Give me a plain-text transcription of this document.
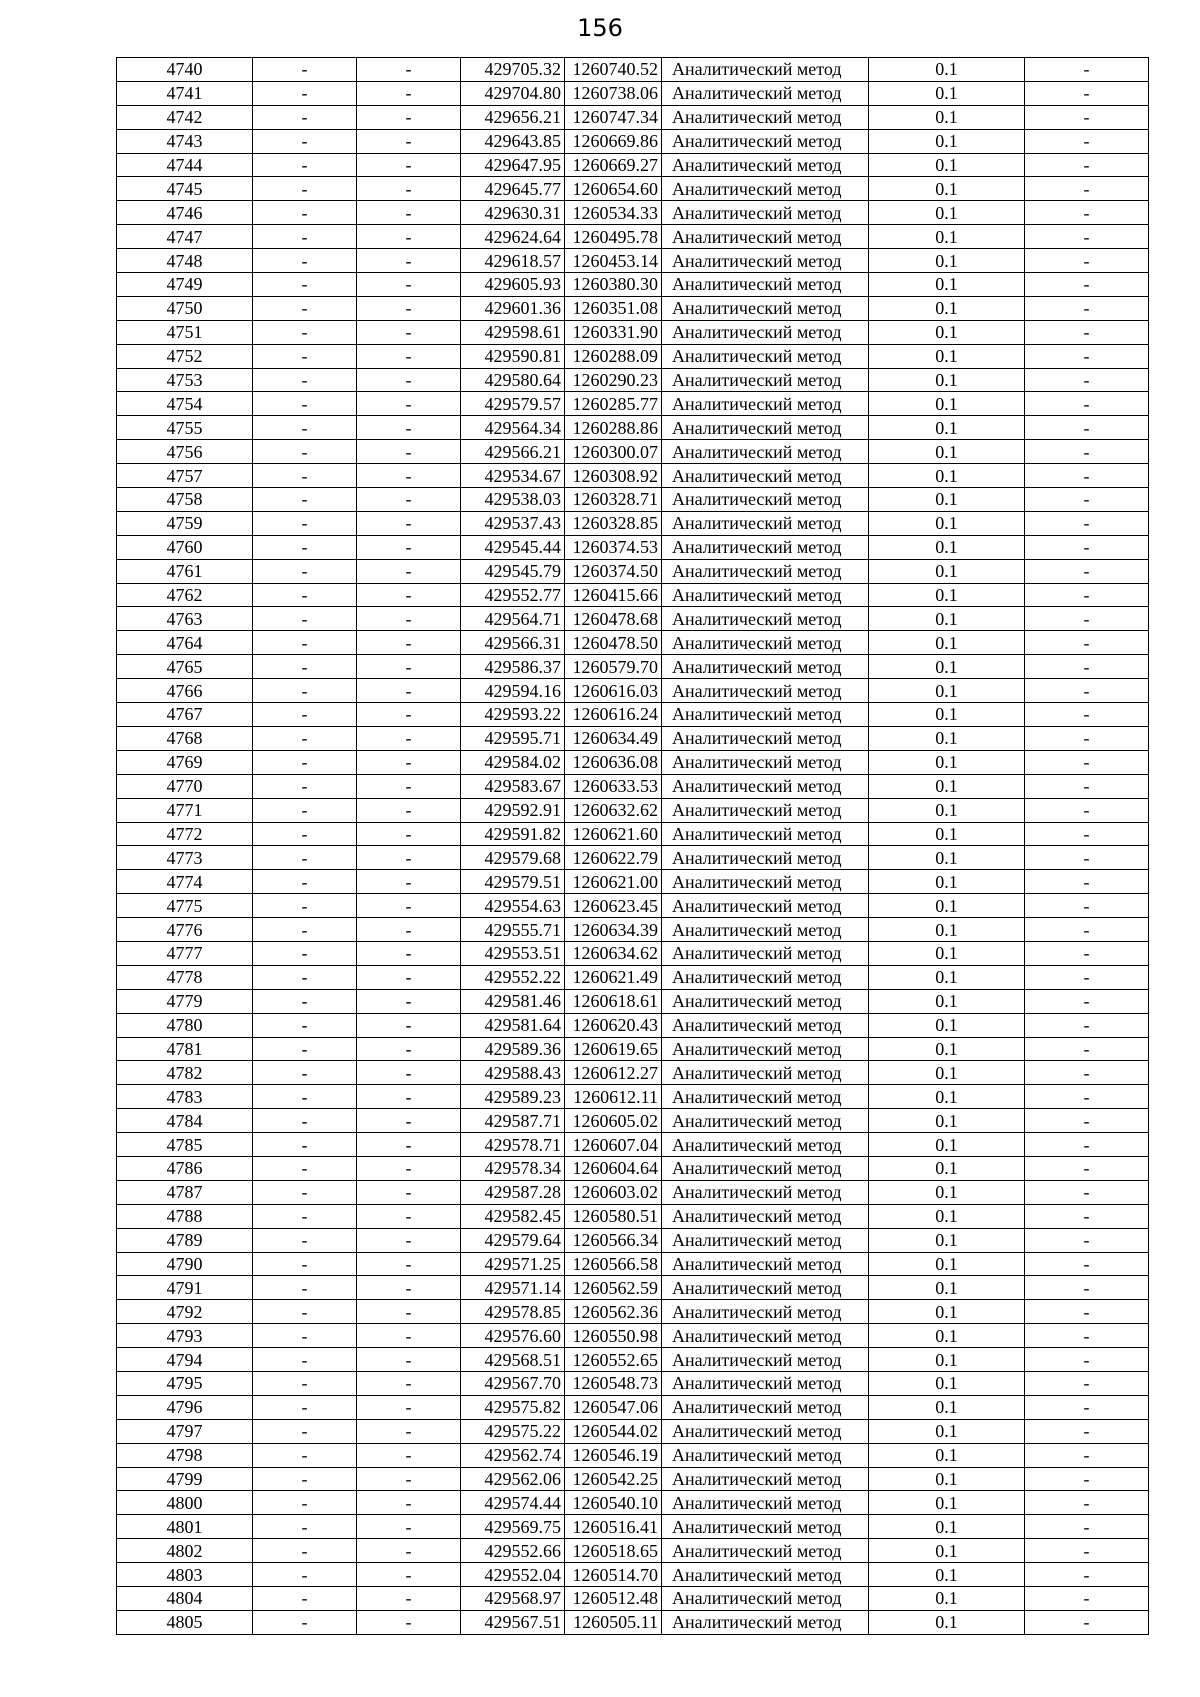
156
4740	-	-	429705.32	1260740.52	Аналитический метод	0.1	-
4741	-	-	429704.80	1260738.06	Аналитический метод	0.1	-
4742	-	-	429656.21	1260747.34	Аналитический метод	0.1	-
4743	-	-	429643.85	1260669.86	Аналитический метод	0.1	-
4744	-	-	429647.95	1260669.27	Аналитический метод	0.1	-
4745	-	-	429645.77	1260654.60	Аналитический метод	0.1	-
4746	-	-	429630.31	1260534.33	Аналитический метод	0.1	-
4747	-	-	429624.64	1260495.78	Аналитический метод	0.1	-
4748	-	-	429618.57	1260453.14	Аналитический метод	0.1	-
4749	-	-	429605.93	1260380.30	Аналитический метод	0.1	-
4750	-	-	429601.36	1260351.08	Аналитический метод	0.1	-
4751	-	-	429598.61	1260331.90	Аналитический метод	0.1	-
4752	-	-	429590.81	1260288.09	Аналитический метод	0.1	-
4753	-	-	429580.64	1260290.23	Аналитический метод	0.1	-
4754	-	-	429579.57	1260285.77	Аналитический метод	0.1	-
4755	-	-	429564.34	1260288.86	Аналитический метод	0.1	-
4756	-	-	429566.21	1260300.07	Аналитический метод	0.1	-
4757	-	-	429534.67	1260308.92	Аналитический метод	0.1	-
4758	-	-	429538.03	1260328.71	Аналитический метод	0.1	-
4759	-	-	429537.43	1260328.85	Аналитический метод	0.1	-
4760	-	-	429545.44	1260374.53	Аналитический метод	0.1	-
4761	-	-	429545.79	1260374.50	Аналитический метод	0.1	-
4762	-	-	429552.77	1260415.66	Аналитический метод	0.1	-
4763	-	-	429564.71	1260478.68	Аналитический метод	0.1	-
4764	-	-	429566.31	1260478.50	Аналитический метод	0.1	-
4765	-	-	429586.37	1260579.70	Аналитический метод	0.1	-
4766	-	-	429594.16	1260616.03	Аналитический метод	0.1	-
4767	-	-	429593.22	1260616.24	Аналитический метод	0.1	-
4768	-	-	429595.71	1260634.49	Аналитический метод	0.1	-
4769	-	-	429584.02	1260636.08	Аналитический метод	0.1	-
4770	-	-	429583.67	1260633.53	Аналитический метод	0.1	-
4771	-	-	429592.91	1260632.62	Аналитический метод	0.1	-
4772	-	-	429591.82	1260621.60	Аналитический метод	0.1	-
4773	-	-	429579.68	1260622.79	Аналитический метод	0.1	-
4774	-	-	429579.51	1260621.00	Аналитический метод	0.1	-
4775	-	-	429554.63	1260623.45	Аналитический метод	0.1	-
4776	-	-	429555.71	1260634.39	Аналитический метод	0.1	-
4777	-	-	429553.51	1260634.62	Аналитический метод	0.1	-
4778	-	-	429552.22	1260621.49	Аналитический метод	0.1	-
4779	-	-	429581.46	1260618.61	Аналитический метод	0.1	-
4780	-	-	429581.64	1260620.43	Аналитический метод	0.1	-
4781	-	-	429589.36	1260619.65	Аналитический метод	0.1	-
4782	-	-	429588.43	1260612.27	Аналитический метод	0.1	-
4783	-	-	429589.23	1260612.11	Аналитический метод	0.1	-
4784	-	-	429587.71	1260605.02	Аналитический метод	0.1	-
4785	-	-	429578.71	1260607.04	Аналитический метод	0.1	-
4786	-	-	429578.34	1260604.64	Аналитический метод	0.1	-
4787	-	-	429587.28	1260603.02	Аналитический метод	0.1	-
4788	-	-	429582.45	1260580.51	Аналитический метод	0.1	-
4789	-	-	429579.64	1260566.34	Аналитический метод	0.1	-
4790	-	-	429571.25	1260566.58	Аналитический метод	0.1	-
4791	-	-	429571.14	1260562.59	Аналитический метод	0.1	-
4792	-	-	429578.85	1260562.36	Аналитический метод	0.1	-
4793	-	-	429576.60	1260550.98	Аналитический метод	0.1	-
4794	-	-	429568.51	1260552.65	Аналитический метод	0.1	-
4795	-	-	429567.70	1260548.73	Аналитический метод	0.1	-
4796	-	-	429575.82	1260547.06	Аналитический метод	0.1	-
4797	-	-	429575.22	1260544.02	Аналитический метод	0.1	-
4798	-	-	429562.74	1260546.19	Аналитический метод	0.1	-
4799	-	-	429562.06	1260542.25	Аналитический метод	0.1	-
4800	-	-	429574.44	1260540.10	Аналитический метод	0.1	-
4801	-	-	429569.75	1260516.41	Аналитический метод	0.1	-
4802	-	-	429552.66	1260518.65	Аналитический метод	0.1	-
4803	-	-	429552.04	1260514.70	Аналитический метод	0.1	-
4804	-	-	429568.97	1260512.48	Аналитический метод	0.1	-
4805	-	-	429567.51	1260505.11	Аналитический метод	0.1	-
